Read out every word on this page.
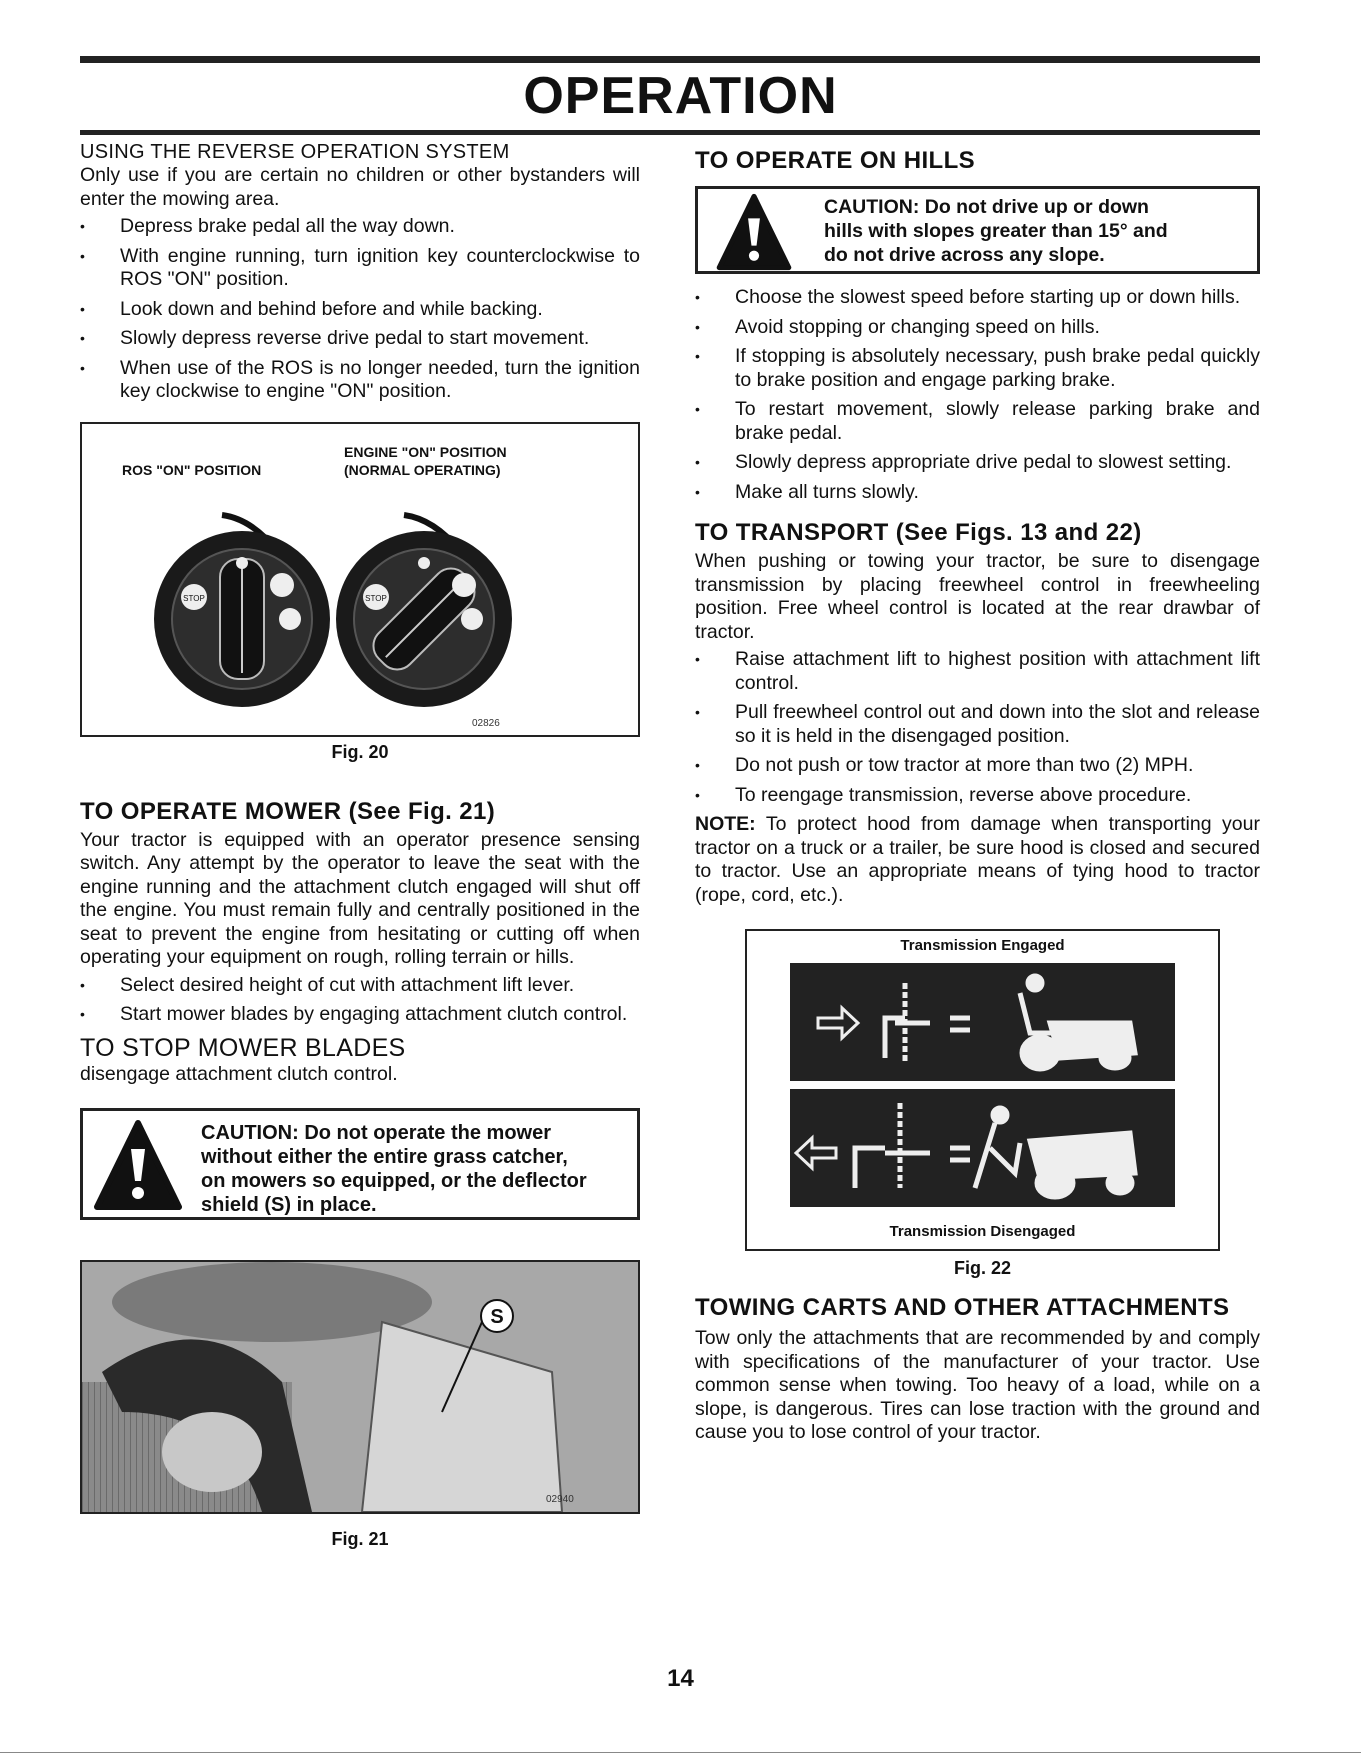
OPERATION
USING THE REVERSE OPERATION SYSTEM

Only use if you are certain no children or other bystanders will enter the mowing area.

• Depress brake pedal all the way down.
• With engine running, turn ignition key counterclockwise to ROS "ON" position.
• Look down and behind before and while backing.
• Slowly depress reverse drive pedal to start movement.
• When use of the ROS is no longer needed, turn the ignition key clockwise to engine "ON" position.
ROS "ON" POSITION
ENGINE "ON" POSITION
(NORMAL OPERATING)
STOP	STOP
02826
Fig. 20
TO OPERATE MOWER (See Fig. 21)

Your tractor is equipped with an operator presence sensing switch. Any attempt by the operator to leave the seat with the engine running and the attachment clutch engaged will shut off the engine. You must remain fully and centrally positioned in the seat to prevent the engine from hesitating or cutting off when operating your equipment on rough, rolling terrain or hills.

• Select desired height of cut with attachment lift lever.
• Start mower blades by engaging attachment clutch control.
TO STOP MOWER BLADES

disengage attachment clutch control.

CAUTION: Do not operate the mower
without either the entire grass catcher,
on mowers so equipped, or the deflector
shield (S) in place.
S
02940
Fig. 21
TO OPERATE ON HILLS
CAUTION: Do not drive up or down
hills with slopes greater than 15° and
do not drive across any slope.
• Choose the slowest speed before starting up or down hills.
• Avoid stopping or changing speed on hills.
• If stopping is absolutely necessary, push brake pedal quickly to brake position and engage parking brake.
• To restart movement, slowly release parking brake and brake pedal.
• Slowly depress appropriate drive pedal to slowest setting.
• Make all turns slowly.
TO TRANSPORT (See Figs. 13 and 22)

When pushing or towing your tractor, be sure to disengage transmission by placing freewheel control in freewheeling position. Free wheel control is located at the rear drawbar of tractor.

• Raise attachment lift to highest position with attachment lift control.
• Pull freewheel control out and down into the slot and release so it is held in the disengaged position.
• Do not push or tow tractor at more than two (2) MPH.
• To reengage transmission, reverse above procedure.

NOTE: To protect hood from damage when transporting your tractor on a truck or a trailer, be sure hood is closed and secured to tractor. Use an appropriate means of tying hood to tractor (rope, cord, etc.).

Transmission Engaged
Transmission Disengaged
Fig. 22
TOWING CARTS AND OTHER ATTACHMENTS

Tow only the attachments that are recommended by and comply with specifications of the manufacturer of your tractor. Use common sense when towing. Too heavy of a load, while on a slope, is dangerous. Tires can lose traction with the ground and cause you to lose control of your tractor.

14
